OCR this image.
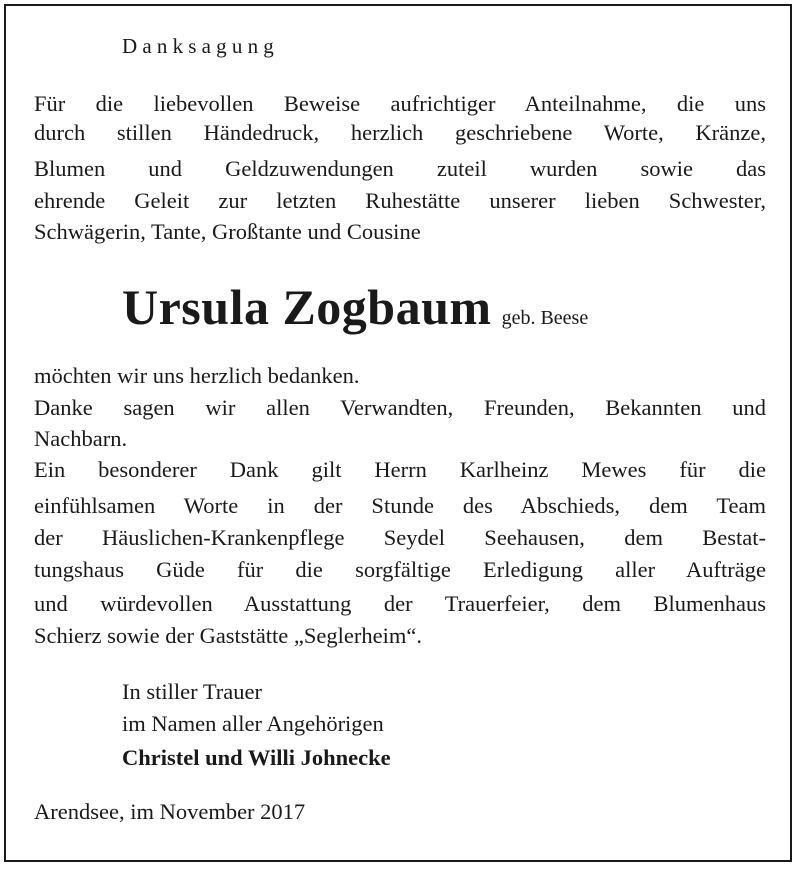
Danksagung
Für die liebevollen Beweise aufrichtiger Anteilnahme, die uns
durch stillen Händedruck, herzlich geschriebene Worte, Kränze,
Blumen und Geldzuwendungen zuteil wurden sowie das
ehrende Geleit zur letzten Ruhestätte unserer lieben Schwester,
Schwägerin, Tante, Großtante und Cousine
Ursula Zogbaum geb. Beese
möchten wir uns herzlich bedanken.
Danke sagen wir allen Verwandten, Freunden, Bekannten und
Nachbarn.
Ein besonderer Dank gilt Herrn Karlheinz Mewes für die
einfühlsamen Worte in der Stunde des Abschieds, dem Team
der Häuslichen-Krankenpflege Seydel Seehausen, dem Bestat-
tungshaus Güde für die sorgfältige Erledigung aller Aufträge
und würdevollen Ausstattung der Trauerfeier, dem Blumenhaus
Schierz sowie der Gaststätte „Seglerheim“.
In stiller Trauer
im Namen aller Angehörigen
Christel und Willi Johnecke
Arendsee, im November 2017
